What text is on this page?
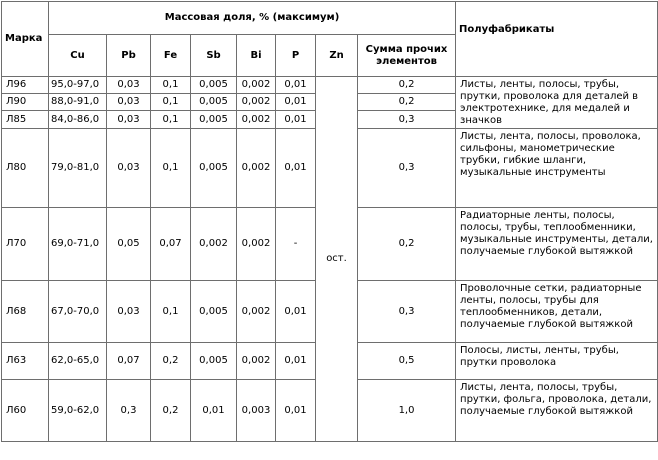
Марка	Массовая доля, % (максимум)								Полуфабрикаты
	Cu	Pb	Fe	Sb	Bi	P	Zn	Сумма прочих элементов	
Л96	95,0-97,0	0,03	0,1	0,005	0,002	0,01	ост.	0,2	Листы, ленты, полосы, трубы, прутки, проволока для деталей в электротехнике, для медалей и значков
Л90	88,0-91,0	0,03	0,1	0,005	0,002	0,01		0,2	
Л85	84,0-86,0	0,03	0,1	0,005	0,002	0,01		0,3	
Л80	79,0-81,0	0,03	0,1	0,005	0,002	0,01		0,3	Листы, лента, полосы, проволока, сильфоны, манометрические трубки, гибкие шланги, музыкальные инструменты
Л70	69,0-71,0	0,05	0,07	0,002	0,002	-		0,2	Радиаторные ленты, полосы, полосы, трубы, теплообменники, музыкальные инструменты, детали, получаемые глубокой вытяжкой
Л68	67,0-70,0	0,03	0,1	0,005	0,002	0,01		0,3	Проволочные сетки, радиаторные ленты, полосы, трубы для теплообменников, детали, получаемые глубокой вытяжкой
Л63	62,0-65,0	0,07	0,2	0,005	0,002	0,01		0,5	Полосы, листы, ленты, трубы, прутки проволока
Л60	59,0-62,0	0,3	0,2	0,01	0,003	0,01		1,0	Листы, лента, полосы, трубы, прутки, фольга, проволока, детали, получаемые глубокой вытяжкой
